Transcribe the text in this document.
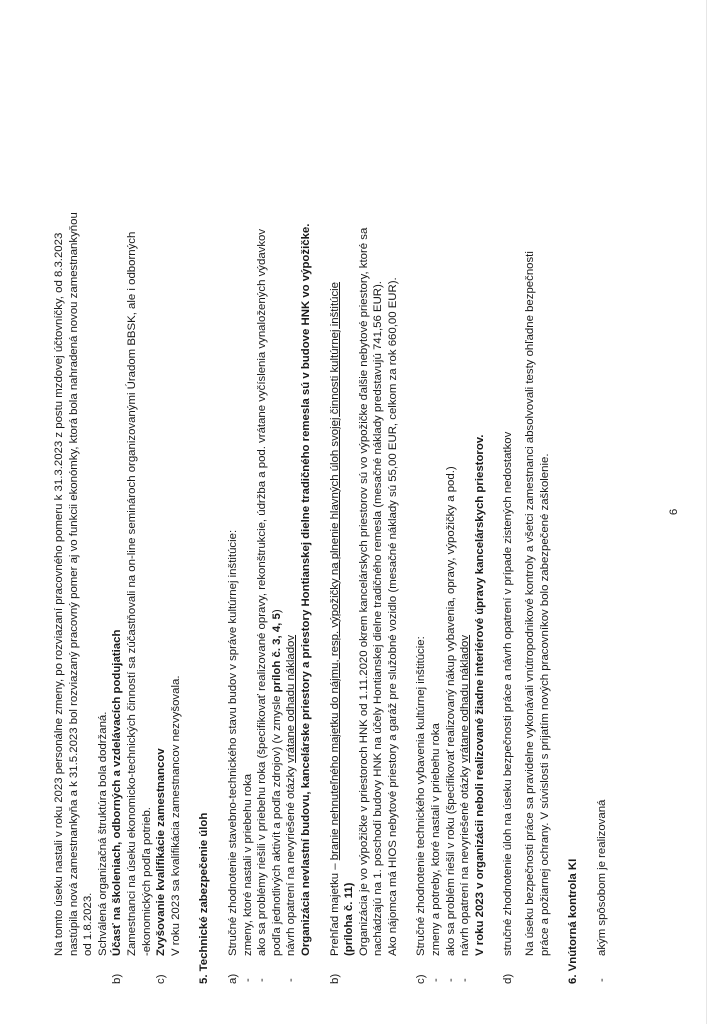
Na tomto úseku nastali v roku 2023 personálne zmeny, po rozviazaní pracovného pomeru k 31.3.2023 z postu mzdovej účtovníčky, od 8.3.2023 nastúpila nová zamestnankyňa a k 31.5.2023 bol rozviazaný pracovný pomer aj vo funkcii ekonómky, ktorá bola nahradená novou zamestnankyňou od 1.8.2023. Schválená organizačná štruktúra bola dodržaná.

b)
Účasť na školeniach, odborných a vzdelávacích podujatiach Zamestnanci na úseku ekonomicko-technických činností sa zúčastňovali na on-line seminároch organizovanými Úradom BBSK, ale i odborných -ekonomických podľa potrieb.

c)
Zvyšovanie kvalifikácie zamestnancov V roku 2023 sa kvalifikácia zamestnancov nezvyšovala. 5. Technické zabezpečenie úloh a)
Stručné zhodnotenie stavebno-technického stavu budov v správe kultúrnej inštitúcie:
-
zmeny, ktoré nastali v priebehu roka
-
ako sa problémy riešili v priebehu roka (špecifikovať realizované opravy, rekonštrukcie, údržba a pod. vrátane vyčíslenia vynaložených výdavkov podľa jednotlivých aktivít a podľa zdrojov) (v zmysle príloh č. 3, 4, 5)

-
návrh opatrení na nevyriešené otázky vrátane odhadu nákladov Organizácia nevlastní budovu, kancelárske priestory a priestory Hontianskej dielne tradičného remesla sú v budove HNK vo výpožičke.

b)
Prehľad majetku – branie nehnuteľného majetku do nájmu, resp. výpožičky na plnenie hlavných úloh svojej činnosti kultúrnej inštitúcie

(príloha č. 11) Organizácia je vo výpožičke v priestoroch HNK od 1.11.2020 okrem kancelárskych priestorov sú vo výpožičke ďalšie nebytové priestory, ktoré sa nachádzajú na 1. poschodí budovy HNK na účely Hontianskej dielne tradičného remesla (mesačné náklady predstavujú 741,56 EUR). Ako nájomca má HIOS nebytové priestory a garáž pre služobné vozidlo (mesačné náklady sú 55,00 EUR, celkom za rok 660,00 EUR).

c)
Stručné zhodnotenie technického vybavenia kultúrnej inštitúcie:
-
zmeny a potreby, ktoré nastali v priebehu roka
-
ako sa problém riešil v roku (špecifikovať realizovaný nákup vybavenia, opravy, výpožičky a pod.)
-
návrh opatrení na nevyriešené otázky vrátane odhadu nákladov V roku 2023 v organizácii neboli realizované žiadne interiérové úpravy kancelárskych priestorov.

d)
stručné zhodnotenie úloh na úseku bezpečnosti práce a návrh opatrení v prípade zistených nedostatkov Na úseku bezpečnosti práce sa pravidelne vykonávali vnútropodnikové kontroly a všetci zamestnanci absolvovali testy ohľadne bezpečnosti práce a požiarnej ochrany. V súvislosti s prijatím nových pracovníkov bolo zabezpečené zaškolenie. 6. Vnútorná kontrola KI -
akým spôsobom je realizovaná
6
